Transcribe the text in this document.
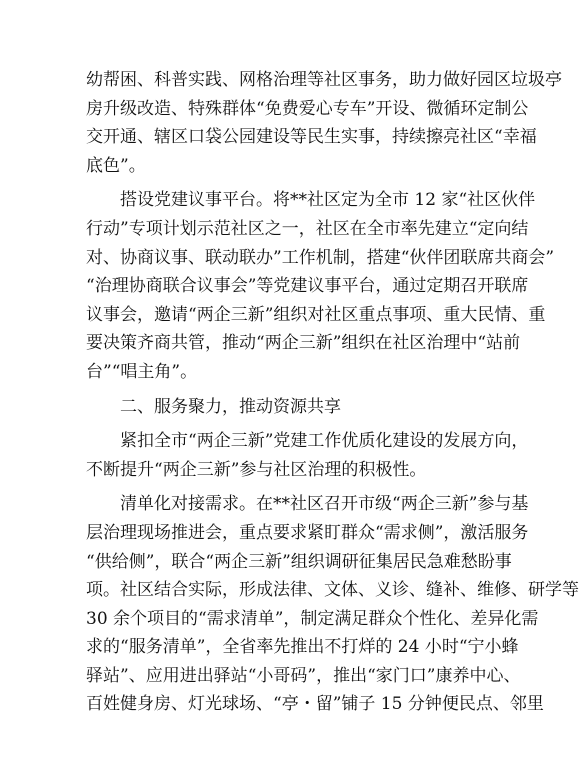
幼帮困、科普实践、网格治理等社区事务，助力做好园区垃圾亭
房升级改造、特殊群体“免费爱心专车”开设、微循环定制公
交开通、辖区口袋公园建设等民生实事，持续擦亮社区“幸福
底色”。
搭设党建议事平台。将**社区定为全市 12 家“社区伙伴
行动”专项计划示范社区之一，社区在全市率先建立“定向结
对、协商议事、联动联办”工作机制，搭建“伙伴团联席共商会”
“治理协商联合议事会”等党建议事平台，通过定期召开联席
议事会，邀请“两企三新”组织对社区重点事项、重大民情、重
要决策齐商共管，推动“两企三新”组织在社区治理中“站前
台”“唱主角”。
二、服务聚力，推动资源共享
紧扣全市“两企三新”党建工作优质化建设的发展方向，
不断提升“两企三新”参与社区治理的积极性。
清单化对接需求。在**社区召开市级“两企三新”参与基
层治理现场推进会，重点要求紧盯群众“需求侧”，激活服务
“供给侧”，联合“两企三新”组织调研征集居民急难愁盼事
项。社区结合实际，形成法律、文体、义诊、缝补、维修、研学等
30 余个项目的“需求清单”，制定满足群众个性化、差异化需
求的“服务清单”，全省率先推出不打烊的 24 小时“宁小蜂
驿站”、应用进出驿站“小哥码”，推出“家门口”康养中心、
百姓健身房、灯光球场、“亭・留”铺子 15 分钟便民点、邻里
